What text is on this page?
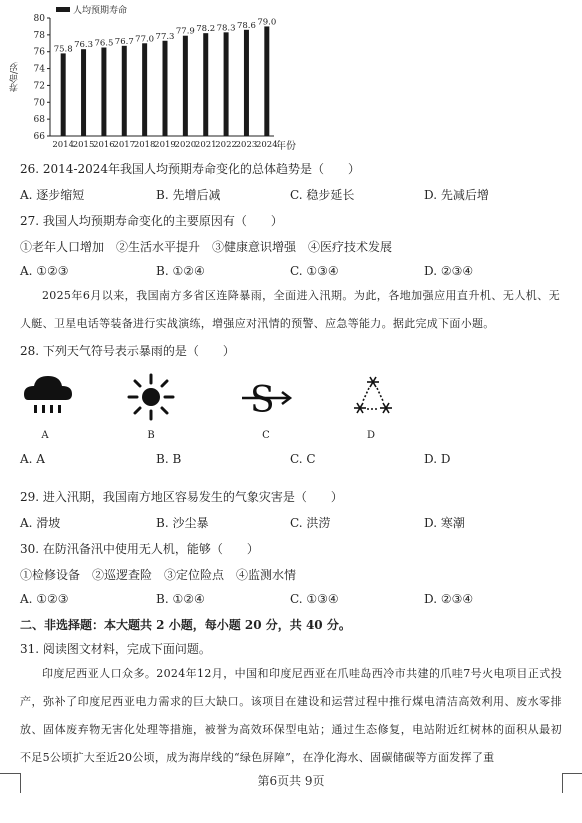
66
68
70
72
74
76
78
80
75.8
2014
76.3
2015
76.5
2016
76.7
2017
77.0
2018
77.3
2019
77.9
2020
78.2
2021
78.3
2022
78.6
2023
79.0
2024
人均预期寿命
寿命/岁
年份
26. 2014-2024年我国人均预期寿命变化的总体趋势是（　　）
A. 逐步缩短	B. 先增后减	C. 稳步延长	D. 先减后增
27. 我国人均预期寿命变化的主要原因有（　　）
①老年人口增加　②生活水平提升　③健康意识增强　④医疗技术发展
A. ①②③	B. ①②④	C. ①③④	D. ②③④
2025年6月以来，我国南方多省区连降暴雨，全面进入汛期。为此，各地加强应用直升机、无人机、无人艇、卫星电话等装备进行实战演练，增强应对汛情的预警、应急等能力。据此完成下面小题。
28. 下列天气符号表示暴雨的是（　　）
S
A	B	C	D
A. A	B. B	C. C	D. D
29. 进入汛期，我国南方地区容易发生的气象灾害是（　　）
A. 滑坡	B. 沙尘暴	C. 洪涝	D. 寒潮
30. 在防汛备汛中使用无人机，能够（　　）
①检修设备　②巡逻查险　③定位险点　④监测水情
A. ①②③	B. ①②④	C. ①③④	D. ②③④
二、非选择题：本大题共 2 小题，每小题 20 分，共 40 分。
31. 阅读图文材料，完成下面问题。
印度尼西亚人口众多。2024年12月，中国和印度尼西亚在爪哇岛西冷市共建的爪哇7号火电项目正式投产，弥补了印度尼西亚电力需求的巨大缺口。该项目在建设和运营过程中推行煤电清洁高效利用、废水零排放、固体废弃物无害化处理等措施，被誉为高效环保型电站；通过生态修复，电站附近红树林的面积从最初不足5公顷扩大至近20公顷，成为海岸线的“绿色屏障”，在净化海水、固碳储碳等方面发挥了重
第6页共 9页
